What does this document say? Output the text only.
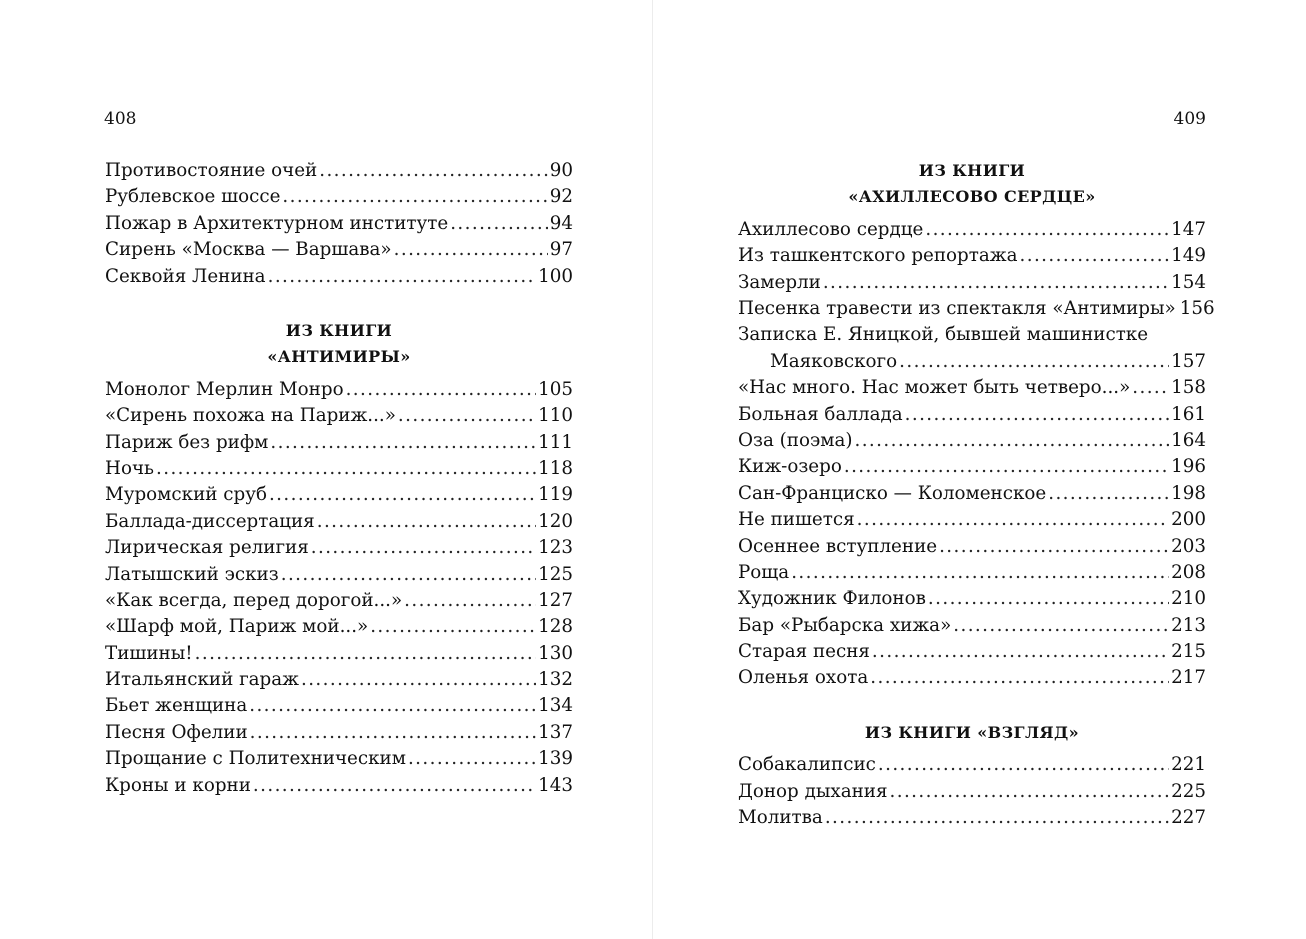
408
Противостояние очей . . .	90
Рублевское шоссе . . .	92
Пожар в Архитектурном институте . . .	94
Сирень «Москва — Варшава» . . .	97
Секвойя Ленина . . .	100
ИЗ КНИГИ
«АНТИМИРЫ»
Монолог Мерлин Монро . . .	105
«Сирень похожа на Париж...» . . .	110
Париж без рифм . . .	111
Ночь . . .	118
Муромский сруб . . .	119
Баллада-диссертация . . .	120
Лирическая религия . . .	123
Латышский эскиз . . .	125
«Как всегда, перед дорогой...» . . .	127
«Шарф мой, Париж мой...» . . .	128
Тишины! . . .	130
Итальянский гараж . . .	132
Бьет женщина . . .	134
Песня Офелии . . .	137
Прощание с Политехническим . . .	139
Кроны и корни . . .	143
409
ИЗ КНИГИ
«АХИЛЛЕСОВО СЕРДЦЕ»
Ахиллесово сердце . . .	147
Из ташкентского репортажа . . .	149
Замерли . . .	154
Песенка травести из спектакля «Антимиры» 156
Записка Е. Яницкой, бывшей машинистке
Маяковского . . .	157
«Нас много. Нас может быть четверо...» . . . 158
Больная баллада . . .	161
Оза (поэма) . . .	164
Киж-озеро . . .	196
Сан-Франциско — Коломенское . . .	198
Не пишется . . .	200
Осеннее вступление . . .	203
Роща . . .	208
Художник Филонов . . .	210
Бар «Рыбарска хижа» . . .	213
Старая песня . . .	215
Оленья охота . . .	217
ИЗ КНИГИ «ВЗГЛЯД»
Собакалипсис . . .	221
Донор дыхания . . .	225
Молитва . . .	227
